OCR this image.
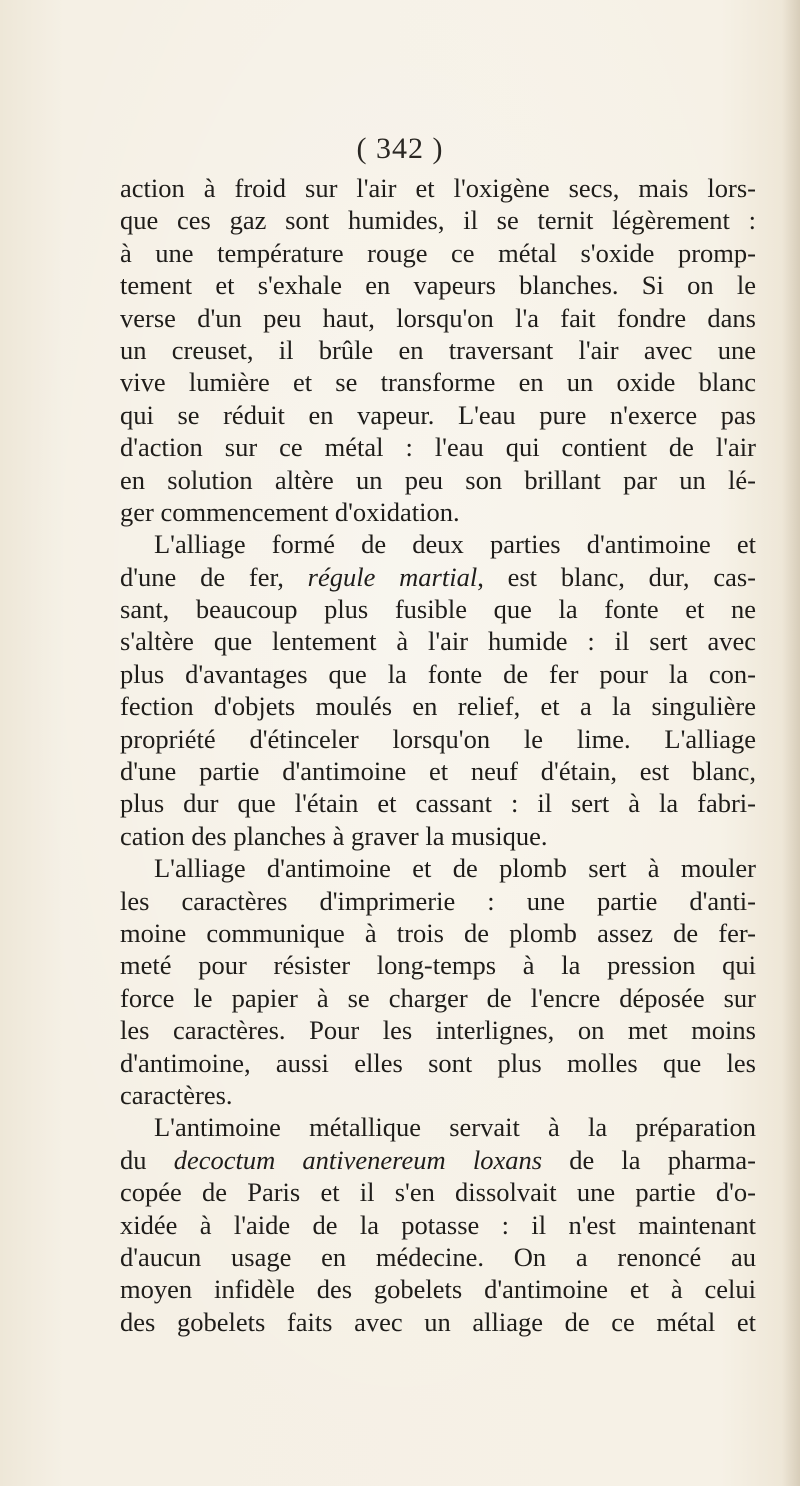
( 342 )
action à froid sur l'air et l'oxigène secs, mais lors-
que ces gaz sont humides, il se ternit légèrement :
à une température rouge ce métal s'oxide promp-
tement et s'exhale en vapeurs blanches. Si on le
verse d'un peu haut, lorsqu'on l'a fait fondre dans
un creuset, il brûle en traversant l'air avec une
vive lumière et se transforme en un oxide blanc
qui se réduit en vapeur. L'eau pure n'exerce pas
d'action sur ce métal : l'eau qui contient de l'air
en solution altère un peu son brillant par un lé-
ger commencement d'oxidation.
L'alliage formé de deux parties d'antimoine et
d'une de fer, régule martial, est blanc, dur, cas-
sant, beaucoup plus fusible que la fonte et ne
s'altère que lentement à l'air humide : il sert avec
plus d'avantages que la fonte de fer pour la con-
fection d'objets moulés en relief, et a la singulière
propriété d'étinceler lorsqu'on le lime. L'alliage
d'une partie d'antimoine et neuf d'étain, est blanc,
plus dur que l'étain et cassant : il sert à la fabri-
cation des planches à graver la musique.
L'alliage d'antimoine et de plomb sert à mouler
les caractères d'imprimerie : une partie d'anti-
moine communique à trois de plomb assez de fer-
meté pour résister long-temps à la pression qui
force le papier à se charger de l'encre déposée sur
les caractères. Pour les interlignes, on met moins
d'antimoine, aussi elles sont plus molles que les
caractères.
L'antimoine métallique servait à la préparation
du decoctum antivenereum loxans de la pharma-
copée de Paris et il s'en dissolvait une partie d'o-
xidée à l'aide de la potasse : il n'est maintenant
d'aucun usage en médecine. On a renoncé au
moyen infidèle des gobelets d'antimoine et à celui
des gobelets faits avec un alliage de ce métal et
